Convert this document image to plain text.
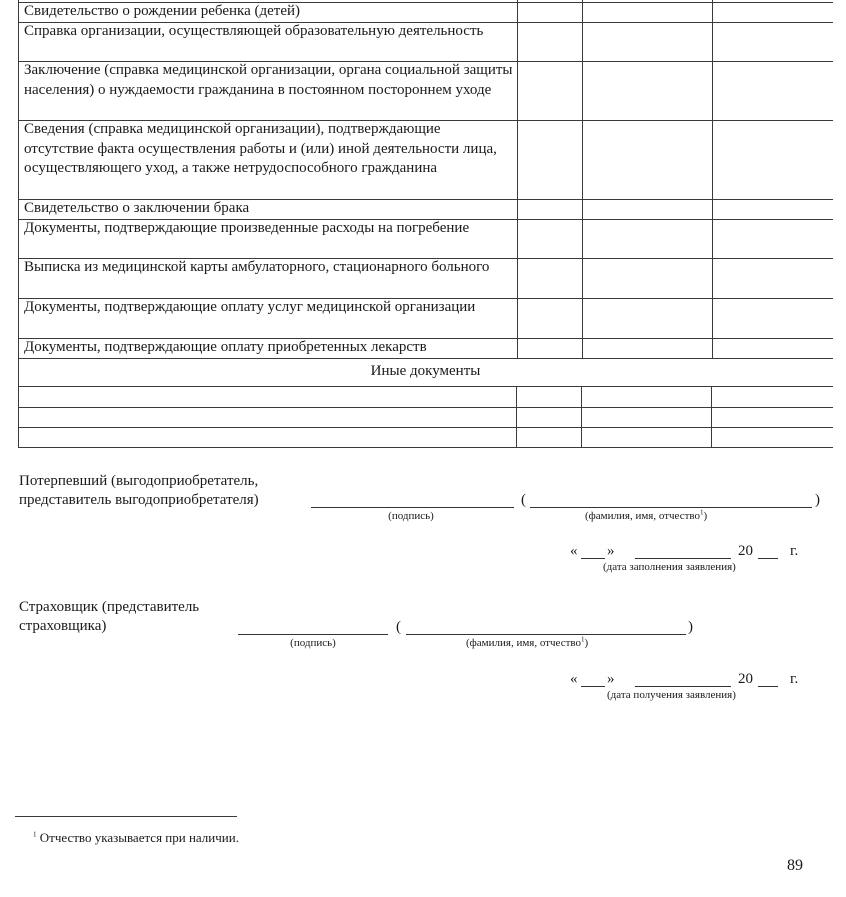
Свидетельство о рождении ребенка (детей)
Справка организации, осуществляющей образовательную деятельность
Заключение (справка медицинской организации, органа социальной защиты населения) о нуждаемости гражданина в постоянном постороннем уходе
Сведения (справка медицинской организации), подтверждающие отсутствие факта осуществления работы и (или) иной деятельности лица, осуществляющего уход, а также нетрудоспособного гражданина
Свидетельство о заключении брака
Документы, подтверждающие произведенные расходы на погребение
Выписка из медицинской карты амбулаторного, стационарного больного
Документы, подтверждающие оплату услуг медицинской организации
Документы, подтверждающие оплату приобретенных лекарств
Иные документы
Потерпевший (выгодоприобретатель,
представитель выгодоприобретателя)	(	)
(подпись)	(фамилия, имя, отчество$^1$)
« »	20 г.
(дата заполнения заявления)
Страховщик (представитель
страховщика)	(	)
(подпись)	(фамилия, имя, отчество$^1$)
« »	20 г.
(дата получения заявления)
$^1$ Отчество указывается при наличии.
89
